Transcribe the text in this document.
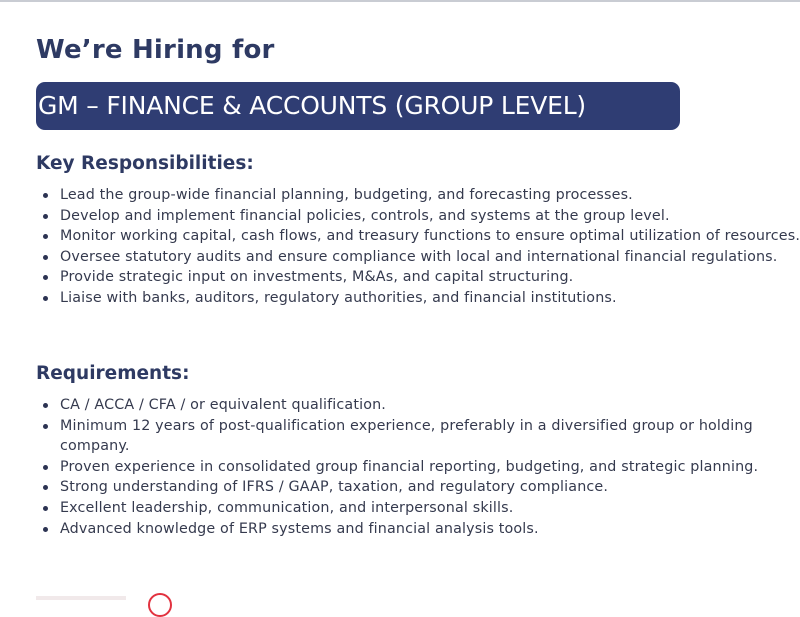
We’re Hiring for
GM – FINANCE & ACCOUNTS (GROUP LEVEL)
Key Responsibilities:
Lead the group-wide financial planning, budgeting, and forecasting processes.
Develop and implement financial policies, controls, and systems at the group level.
Monitor working capital, cash flows, and treasury functions to ensure optimal utilization of resources.
Oversee statutory audits and ensure compliance with local and international financial regulations.
Provide strategic input on investments, M&As, and capital structuring.
Liaise with banks, auditors, regulatory authorities, and financial institutions.
Requirements:
CA / ACCA / CFA / or equivalent qualification.
Minimum 12 years of post-qualification experience, preferably in a diversified group or holding company.
Proven experience in consolidated group financial reporting, budgeting, and strategic planning.
Strong understanding of IFRS / GAAP, taxation, and regulatory compliance.
Excellent leadership, communication, and interpersonal skills.
Advanced knowledge of ERP systems and financial analysis tools.
